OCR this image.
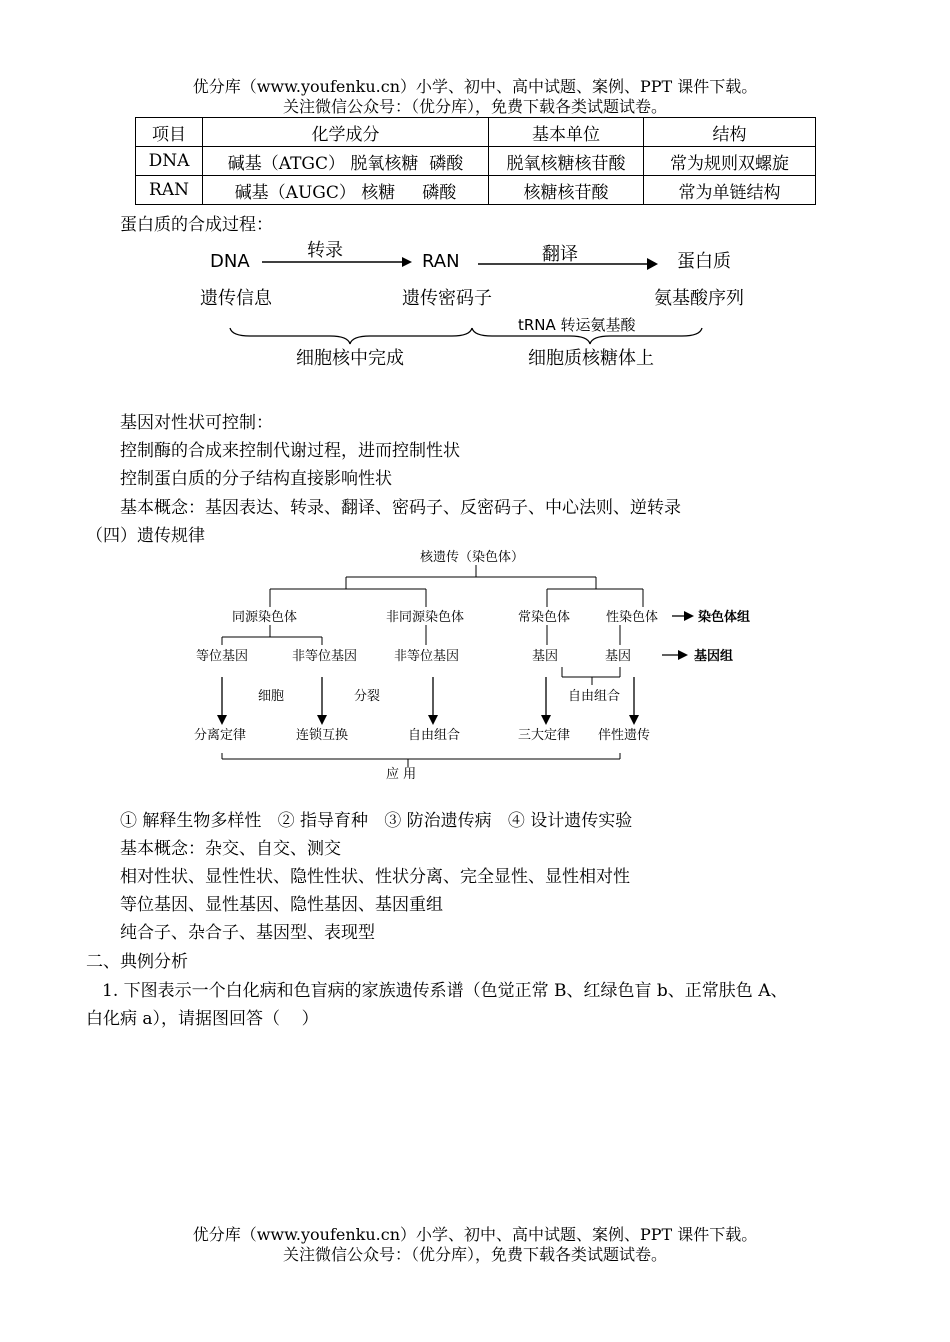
优分库（www.youfenku.cn）小学、初中、高中试题、案例、PPT 课件下载。
关注微信公众号：（优分库），免费下载各类试题试卷。
项目	化学成分	基本单位	结构
DNA	碱基（ATGC） 脱氧核糖  磷酸	脱氧核糖核苷酸	常为规则双螺旋
RAN	碱基（AUGC） 核糖     磷酸	核糖核苷酸	常为单链结构
蛋白质的合成过程：
DNA
转录
RAN	翻译	蛋白质
遗传信息	遗传密码子	氨基酸序列
tRNA 转运氨基酸
细胞核中完成	细胞质核糖体上
基因对性状可控制：
控制酶的合成来控制代谢过程，进而控制性状
控制蛋白质的分子结构直接影响性状
基本概念：基因表达、转录、翻译、密码子、反密码子、中心法则、逆转录
（四）遗传规律
核遗传（染色体）
同源染色体	非同源染色体	常染色体	性染色体	染色体组
等位基因	非等位基因	非等位基因	基因	基因	基因组
细胞	分裂	自由组合
分离定律	连锁互换	自由组合	三大定律 伴性遗传
应 用
① 解释生物多样性   ② 指导育种   ③ 防治遗传病   ④ 设计遗传实验
基本概念：杂交、自交、测交
相对性状、显性性状、隐性性状、性状分离、完全显性、显性相对性
等位基因、显性基因、隐性基因、基因重组
纯合子、杂合子、基因型、表现型
二、典例分析
1. 下图表示一个白化病和色盲病的家族遗传系谱（色觉正常 B、红绿色盲 b、正常肤色 A、
白化病 a），请据图回答（    ）
优分库（www.youfenku.cn）小学、初中、高中试题、案例、PPT 课件下载。
关注微信公众号：（优分库），免费下载各类试题试卷。
